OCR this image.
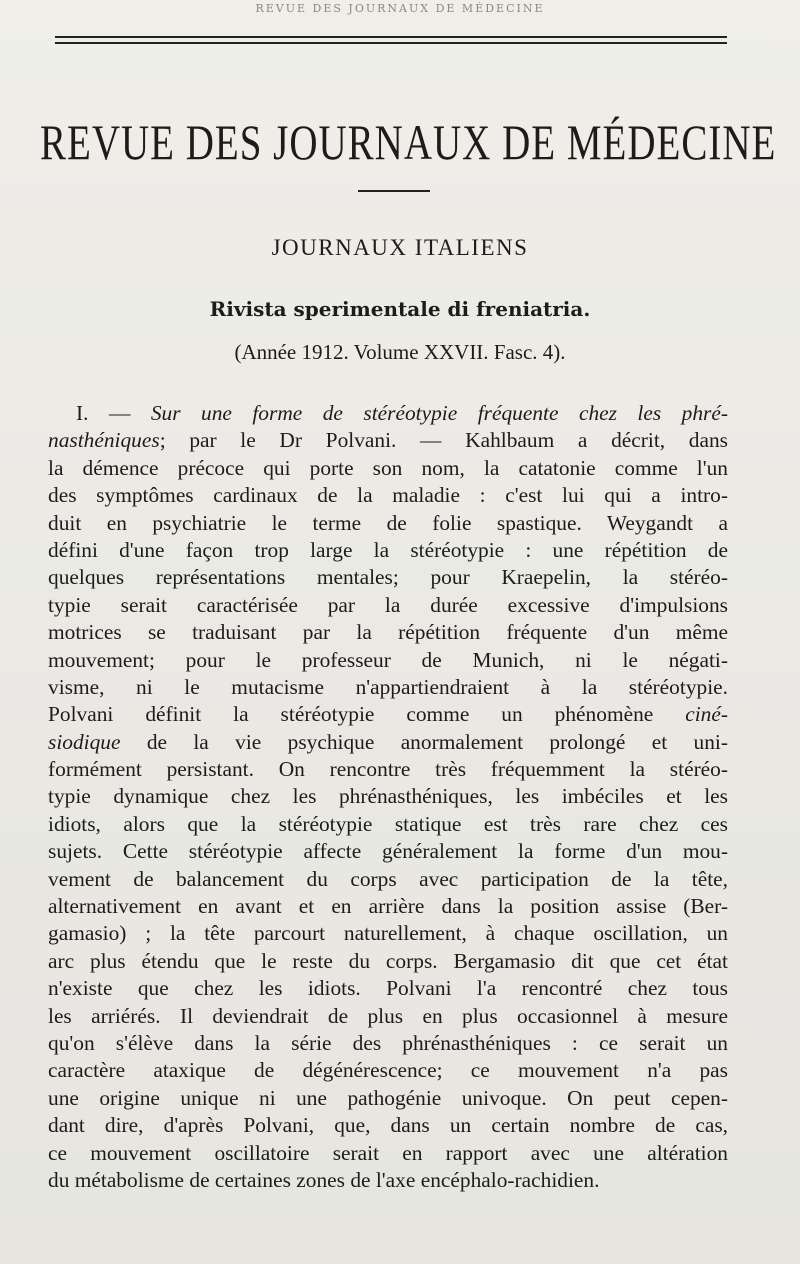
REVUE DES JOURNAUX DE MÉDECINE
REVUE DES JOURNAUX DE MÉDECINE
JOURNAUX ITALIENS
Rivista sperimentale di freniatria.
(Année 1912. Volume XXVII. Fasc. 4).
I. — Sur une forme de stéréotypie fréquente chez les phré-
nasthéniques; par le Dr Polvani. — Kahlbaum a décrit, dans
la démence précoce qui porte son nom, la catatonie comme l'un
des symptômes cardinaux de la maladie : c'est lui qui a intro-
duit en psychiatrie le terme de folie spastique. Weygandt a
défini d'une façon trop large la stéréotypie : une répétition de
quelques représentations mentales; pour Kraepelin, la stéréo-
typie serait caractérisée par la durée excessive d'impulsions
motrices se traduisant par la répétition fréquente d'un même
mouvement; pour le professeur de Munich, ni le négati-
visme, ni le mutacisme n'appartiendraient à la stéréotypie.
Polvani définit la stéréotypie comme un phénomène ciné-
siodique de la vie psychique anormalement prolongé et uni-
formément persistant. On rencontre très fréquemment la stéréo-
typie dynamique chez les phrénasthéniques, les imbéciles et les
idiots, alors que la stéréotypie statique est très rare chez ces
sujets. Cette stéréotypie affecte généralement la forme d'un mou-
vement de balancement du corps avec participation de la tête,
alternativement en avant et en arrière dans la position assise (Ber-
gamasio) ; la tête parcourt naturellement, à chaque oscillation, un
arc plus étendu que le reste du corps. Bergamasio dit que cet état
n'existe que chez les idiots. Polvani l'a rencontré chez tous
les arriérés. Il deviendrait de plus en plus occasionnel à mesure
qu'on s'élève dans la série des phrénasthéniques : ce serait un
caractère ataxique de dégénérescence; ce mouvement n'a pas
une origine unique ni une pathogénie univoque. On peut cepen-
dant dire, d'après Polvani, que, dans un certain nombre de cas,
ce mouvement oscillatoire serait en rapport avec une altération
du métabolisme de certaines zones de l'axe encéphalo-rachidien.
